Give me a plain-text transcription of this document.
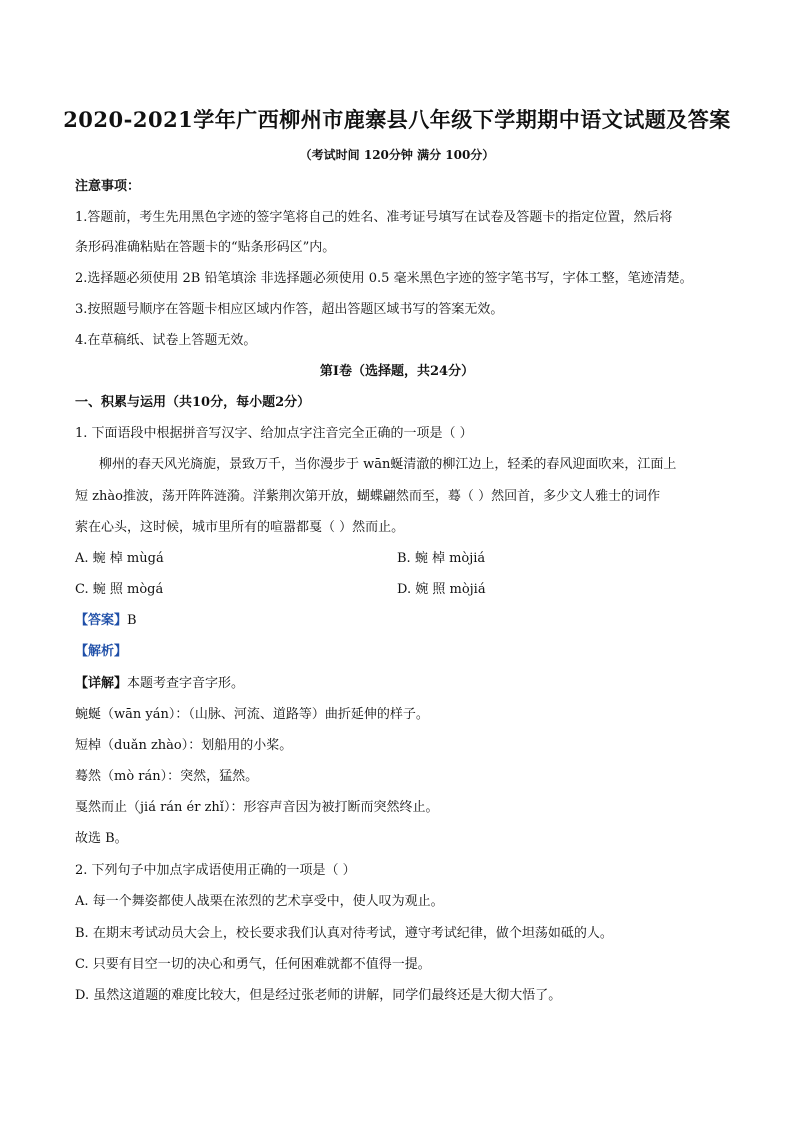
2020-2021学年广西柳州市鹿寨县八年级下学期期中语文试题及答案
（考试时间 120分钟 满分 100分）
注意事项：
1.答题前，考生先用黑色字迹的签字笔将自己的姓名、准考证号填写在试卷及答题卡的指定位置，然后将
条形码准确粘贴在答题卡的“贴条形码区”内。
2.选择题必须使用 2B 铅笔填涂 非选择题必须使用 0.5 毫米黑色字迹的签字笔书写，字体工整，笔迹清楚。
3.按照题号顺序在答题卡相应区域内作答，超出答题区域书写的答案无效。
4.在草稿纸、试卷上答题无效。
第Ⅰ卷（选择题，共24分）
一、积累与运用（共10分，每小题2分）
1. 下面语段中根据拼音写汉字、给加点字注音完全正确的一项是（ ）
柳州的春天风光旖旎，景致万千，当你漫步于 wān蜒清澈的柳江边上，轻柔的春风迎面吹来，江面上
短 zhào推波，荡开阵阵涟漪。洋紫荆次第开放，蝴蝶翩然而至，蓦（ ）然回首，多少文人雅士的词作
萦在心头，这时候，城市里所有的喧嚣都戛（ ）然而止。
A. 蜿 棹 mùgá	B. 蜿 棹 mòjiá
C. 蜿 照 mògá	D. 婉 照 mòjiá
【答案】B
【解析】
【详解】本题考查字音字形。
蜿蜒（wān yán）：（山脉、河流、道路等）曲折延伸的样子。
短棹（duǎn zhào）：划船用的小桨。
蓦然（mò rán）：突然，猛然。
戛然而止（jiá rán ér zhǐ）：形容声音因为被打断而突然终止。
故选 B。
2. 下列句子中加点字成语使用正确的一项是（ ）
A. 每一个舞姿都使人战栗在浓烈的艺术享受中，使人叹为观止。
B. 在期末考试动员大会上，校长要求我们认真对待考试，遵守考试纪律，做个坦荡如砥的人。
C. 只要有目空一切的决心和勇气，任何困难就都不值得一提。
D. 虽然这道题的难度比较大，但是经过张老师的讲解，同学们最终还是大彻大悟了。
